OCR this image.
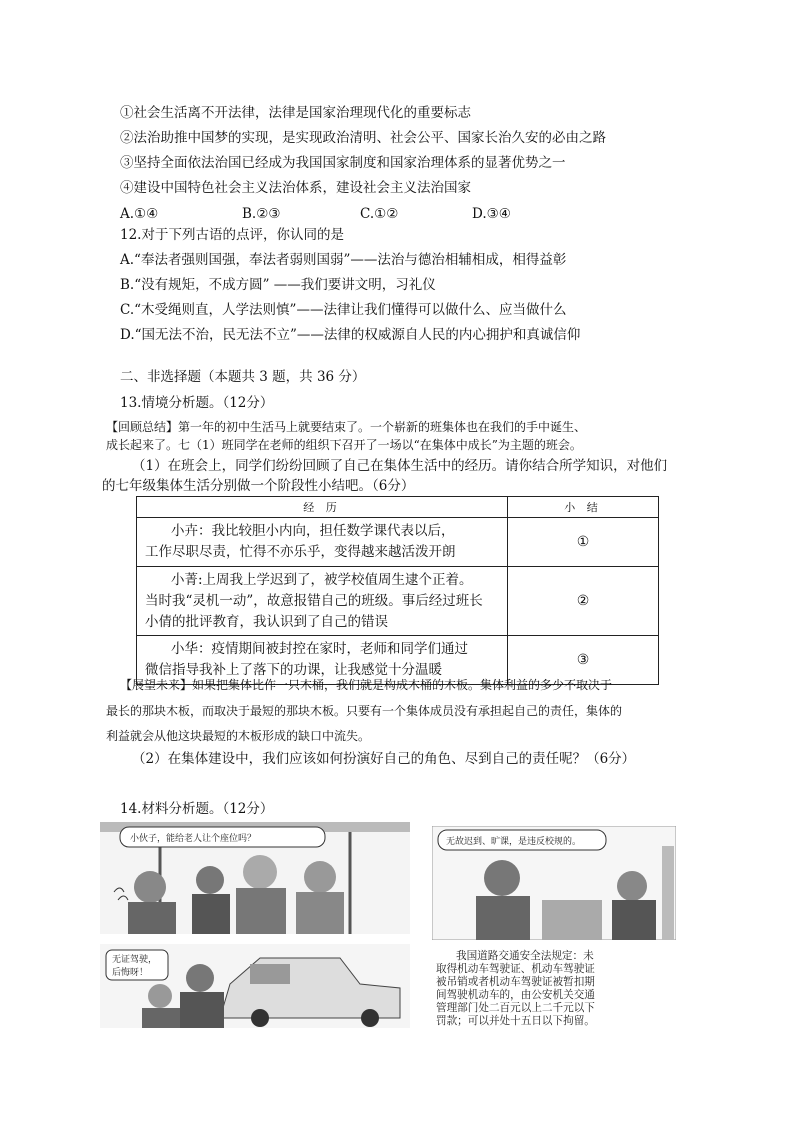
①社会生活离不开法律，法律是国家治理现代化的重要标志
②法治助推中国梦的实现，是实现政治清明、社会公平、国家长治久安的必由之路
③坚持全面依法治国已经成为我国国家制度和国家治理体系的显著优势之一
④建设中国特色社会主义法治体系，建设社会主义法治国家
A.①④	B.②③	C.①②	D.③④
12.对于下列古语的点评，你认同的是
A.“奉法者强则国强，奉法者弱则国弱”——法治与德治相辅相成，相得益彰
B.“没有规矩，不成方圆” ——我们要讲文明，习礼仪
C.“木受绳则直，人学法则慎”——法律让我们懂得可以做什么、应当做什么
D.“国无法不治，民无法不立”——法律的权威源自人民的内心拥护和真诚信仰
二、非选择题（本题共 3 题，共 36 分）
13.情境分析题。（12分）
【回顾总结】第一年的初中生活马上就要结束了。一个崭新的班集体也在我们的手中诞生、
成长起来了。七（1）班同学在老师的组织下召开了一场以“在集体中成长”为主题的班会。
（1）在班会上，同学们纷纷回顾了自己在集体生活中的经历。请你结合所学知识，对他们
的七年级集体生活分别做一个阶段性小结吧。（6分）
经 历	小 结

小卉：我比较胆小内向，担任数学课代表以后，
工作尽职尽责，忙得不亦乐乎，变得越来越活泼开朗	①

小菁:上周我上学迟到了，被学校值周生逮个正着。
当时我“灵机一动”，故意报错自己的班级。事后经过班长
小倩的批评教育，我认识到了自己的错误	②

小华：疫情期间被封控在家时，老师和同学们通过
微信指导我补上了落下的功课，让我感觉十分温暖	③
【展望未来】如果把集体比作一只木桶，我们就是构成木桶的木板。集体利益的多少不取决于
最长的那块木板，而取决于最短的那块木板。只要有一个集体成员没有承担起自己的责任，集体的
利益就会从他这块最短的木板形成的缺口中流失。
（2）在集体建设中，我们应该如何扮演好自己的角色、尽到自己的责任呢？（6分）
14.材料分析题。（12分）
小伙子，能给老人让个座位吗？	无故迟到、旷课，是违反校规的。
无证驾驶，
后悔呀！
我国道路交通安全法规定：未
取得机动车驾驶证、机动车驾驶证
被吊销或者机动车驾驶证被暂扣期
间驾驶机动车的，由公安机关交通
管理部门处二百元以上二千元以下
罚款；可以并处十五日以下拘留。
